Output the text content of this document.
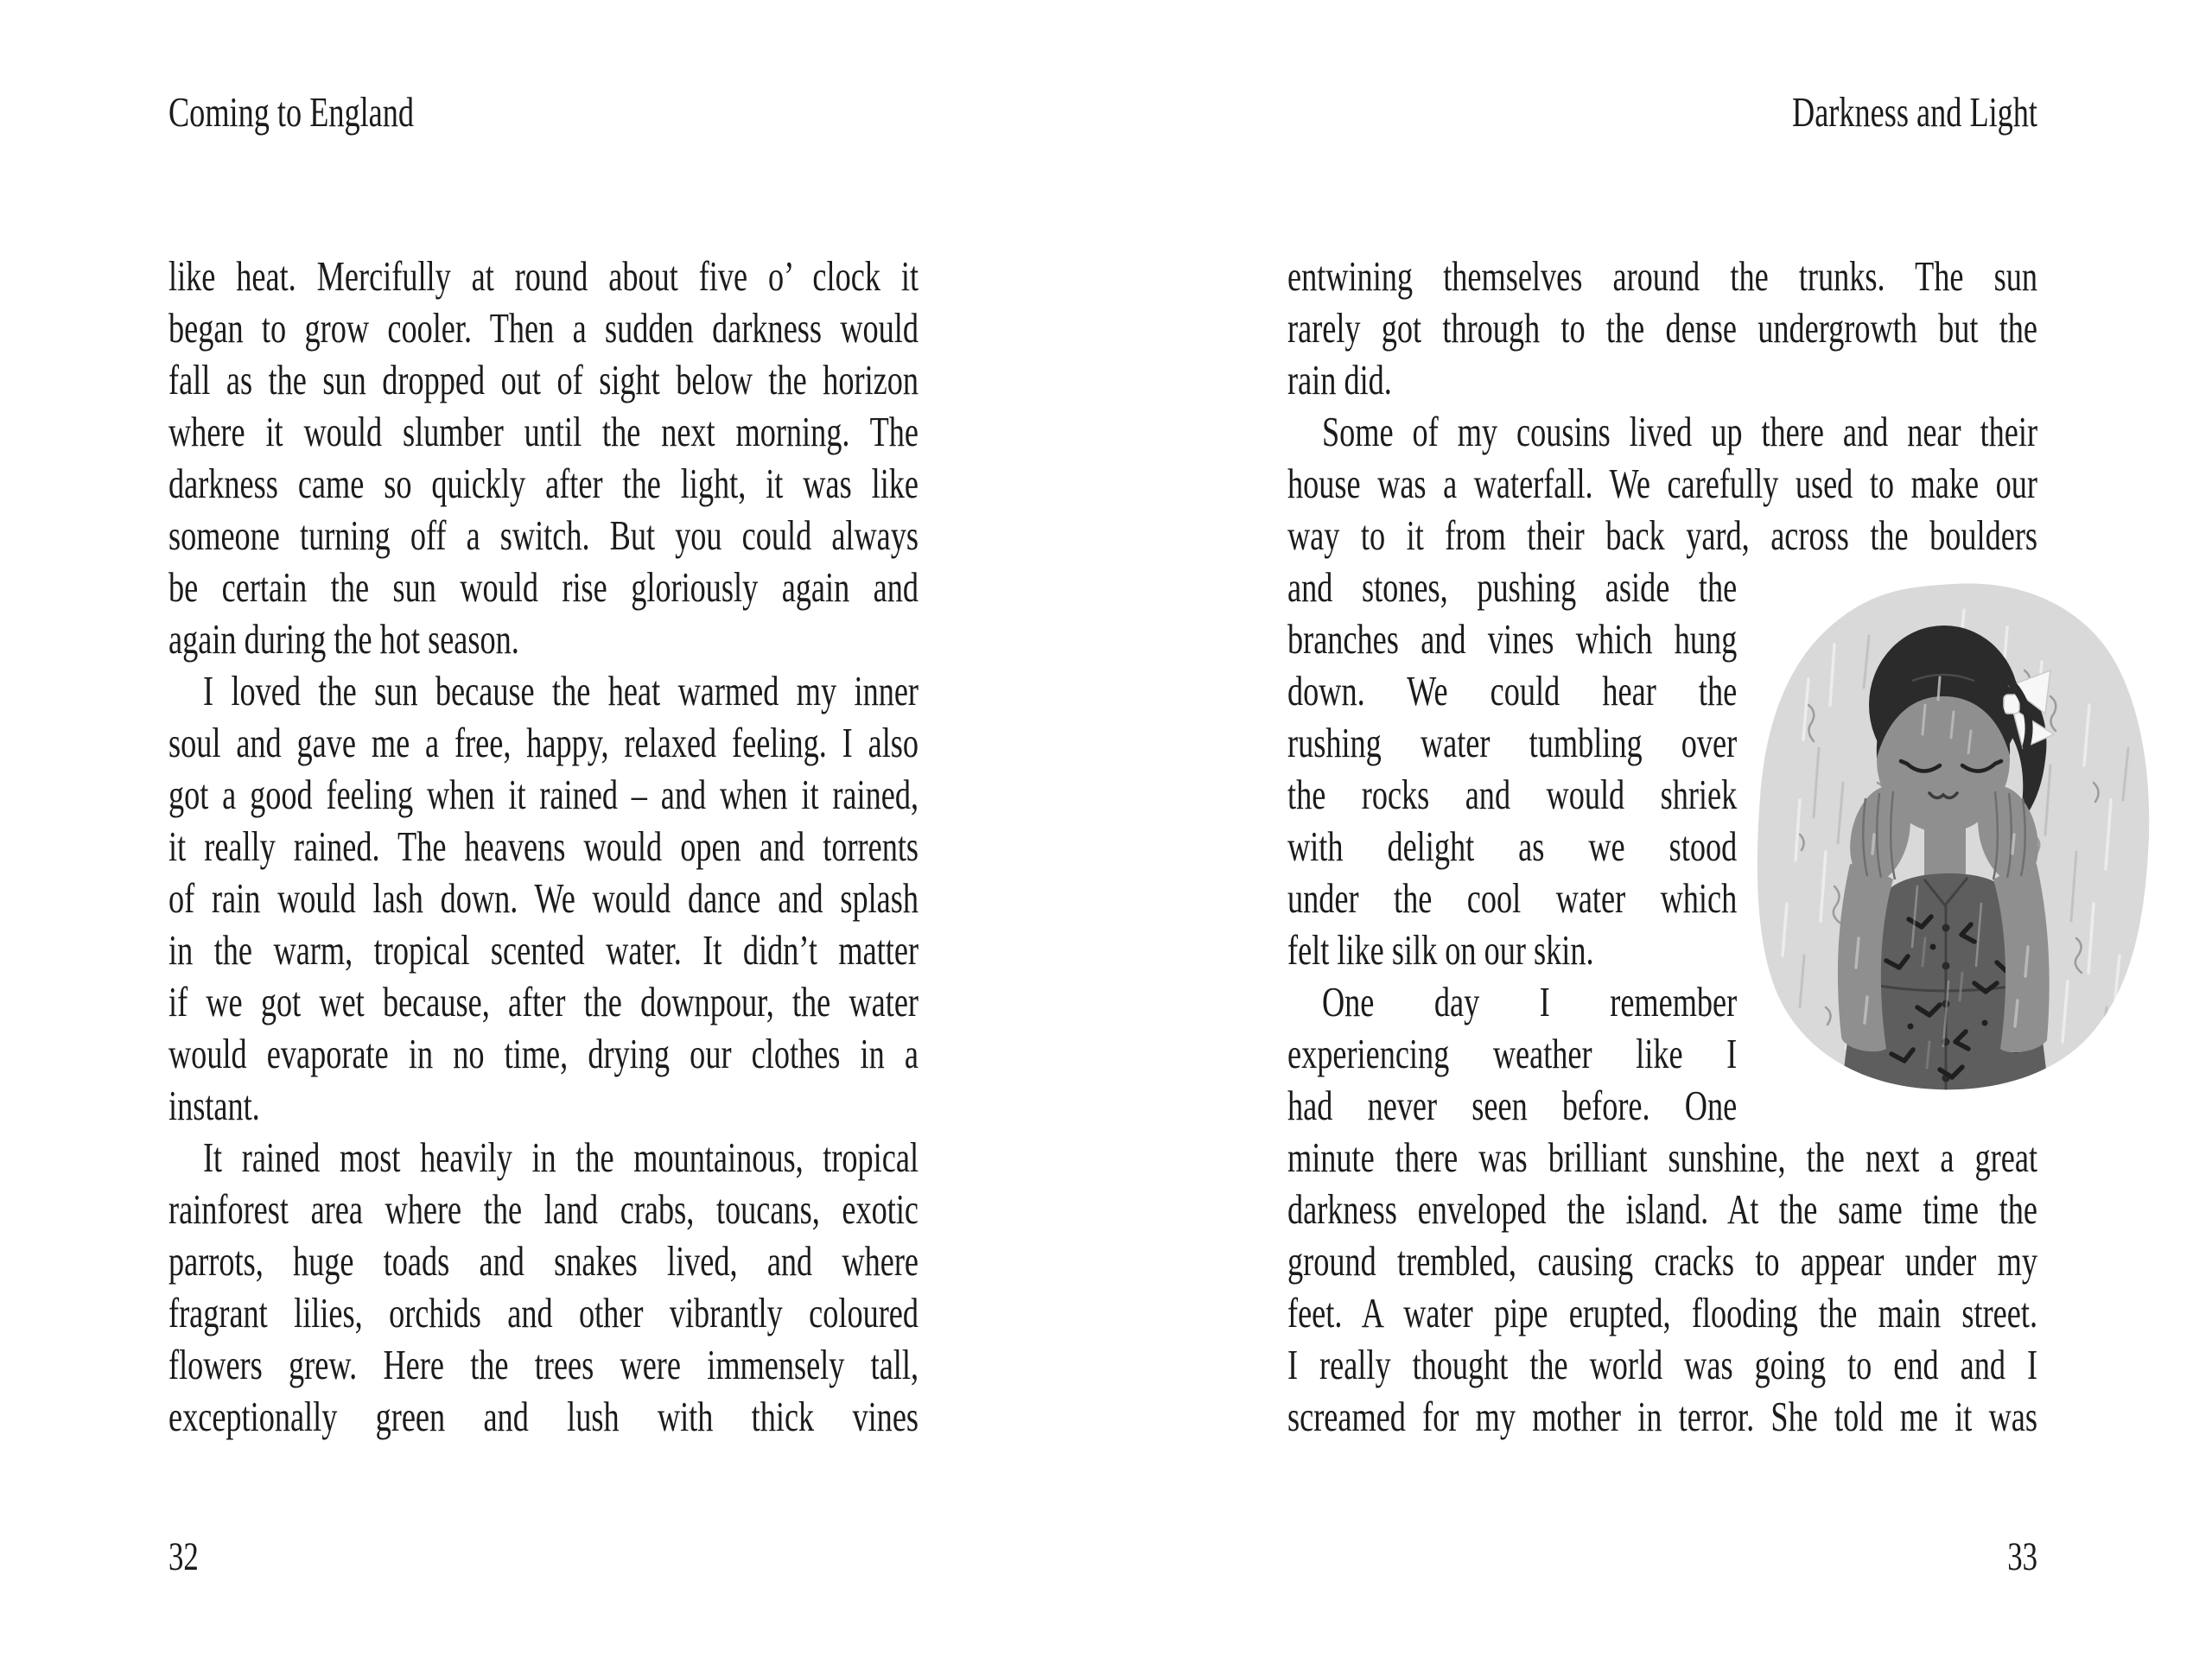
Coming to England
like heat. Mercifully at round about five o’ clock it
began to grow cooler. Then a sudden darkness would
fall as the sun dropped out of sight below the horizon
where it would slumber until the next morning. The
darkness came so quickly after the light, it was like
someone turning off a switch. But you could always
be certain the sun would rise gloriously again and
again during the hot season.
I loved the sun because the heat warmed my inner
soul and gave me a free, happy, relaxed feeling. I also
got a good feeling when it rained – and when it rained,
it really rained. The heavens would open and torrents
of rain would lash down. We would dance and splash
in the warm, tropical scented water. It didn’t matter
if we got wet because, after the downpour, the water
would evaporate in no time, drying our clothes in a
instant.
It rained most heavily in the mountainous, tropical
rainforest area where the land crabs, toucans, exotic
parrots, huge toads and snakes lived, and where
fragrant lilies, orchids and other vibrantly coloured
flowers grew. Here the trees were immensely tall,
exceptionally green and lush with thick vines
32
Darkness and Light
entwining themselves around the trunks. The sun
rarely got through to the dense undergrowth but the
rain did.
Some of my cousins lived up there and near their
house was a waterfall. We carefully used to make our
way to it from their back yard, across the boulders
and stones, pushing aside the
branches and vines which hung
down. We could hear the
rushing water tumbling over
the rocks and would shriek
with delight as we stood
under the cool water which
felt like silk on our skin.
One day I remember
experiencing weather like I
had never seen before. One
minute there was brilliant sunshine, the next a great
darkness enveloped the island. At the same time the
ground trembled, causing cracks to appear under my
feet. A water pipe erupted, flooding the main street.
I really thought the world was going to end and I
screamed for my mother in terror. She told me it was
33
